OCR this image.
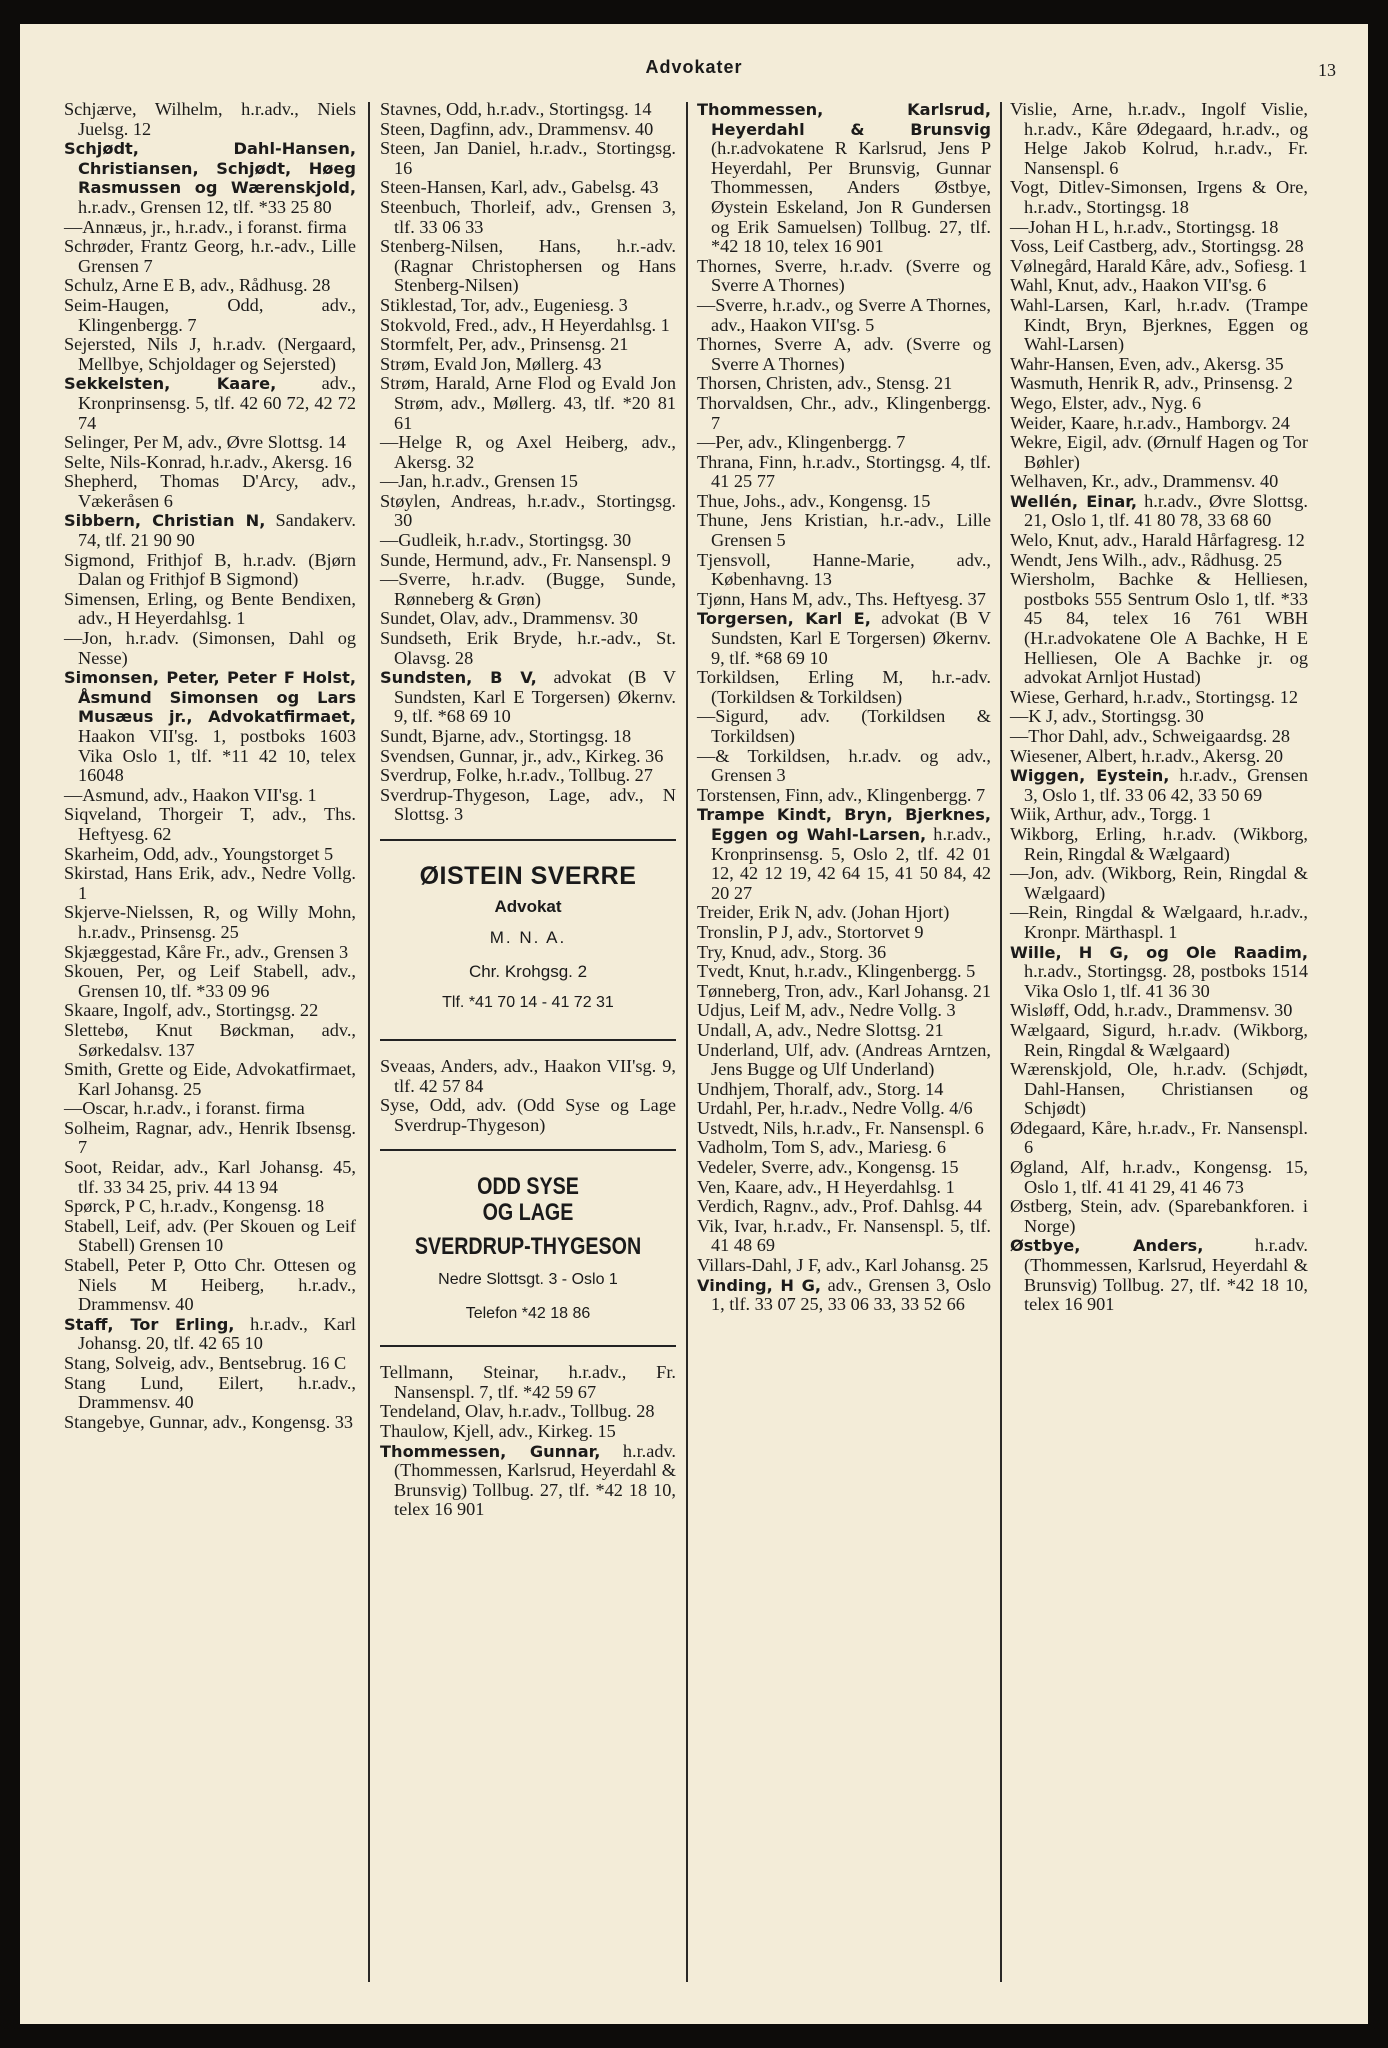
Advokater	13
Schjærve, Wilhelm, h.r.adv., Niels Juelsg. 12
Schjødt, Dahl-Hansen, Christiansen, Schjødt, Høeg Rasmussen og Wærenskjold, h.r.adv., Grensen 12, tlf. *33 25 80
—Annæus, jr., h.r.adv., i foranst. firma
Schrøder, Frantz Georg, h.r.-adv., Lille Grensen 7
Schulz, Arne E B, adv., Rådhusg. 28
Seim-Haugen, Odd, adv., Klingenbergg. 7
Sejersted, Nils J, h.r.adv. (Nergaard, Mellbye, Schjoldager og Sejersted)
Sekkelsten, Kaare, adv., Kronprinsensg. 5, tlf. 42 60 72, 42 72 74
Selinger, Per M, adv., Øvre Slottsg. 14
Selte, Nils-Konrad, h.r.adv., Akersg. 16
Shepherd, Thomas D'Arcy, adv., Vækeråsen 6
Sibbern, Christian N, Sandakerv. 74, tlf. 21 90 90
Sigmond, Frithjof B, h.r.adv. (Bjørn Dalan og Frithjof B Sigmond)
Simensen, Erling, og Bente Bendixen, adv., H Heyerdahlsg. 1
—Jon, h.r.adv. (Simonsen, Dahl og Nesse)
Simonsen, Peter, Peter F Holst, Åsmund Simonsen og Lars Musæus jr., Advokatfirmaet, Haakon VII'sg. 1, postboks 1603 Vika Oslo 1, tlf. *11 42 10, telex 16048
—Asmund, adv., Haakon VII'sg. 1
Siqveland, Thorgeir T, adv., Ths. Heftyesg. 62
Skarheim, Odd, adv., Youngstorget 5
Skirstad, Hans Erik, adv., Nedre Vollg. 1
Skjerve-Nielssen, R, og Willy Mohn, h.r.adv., Prinsensg. 25
Skjæggestad, Kåre Fr., adv., Grensen 3
Skouen, Per, og Leif Stabell, adv., Grensen 10, tlf. *33 09 96
Skaare, Ingolf, adv., Stortingsg. 22
Slettebø, Knut Bøckman, adv., Sørkedalsv. 137
Smith, Grette og Eide, Advokatfirmaet, Karl Johansg. 25
—Oscar, h.r.adv., i foranst. firma
Solheim, Ragnar, adv., Henrik Ibsensg. 7
Soot, Reidar, adv., Karl Johansg. 45, tlf. 33 34 25, priv. 44 13 94
Spørck, P C, h.r.adv., Kongensg. 18
Stabell, Leif, adv. (Per Skouen og Leif Stabell) Grensen 10
Stabell, Peter P, Otto Chr. Ottesen og Niels M Heiberg, h.r.adv., Drammensv. 40
Staff, Tor Erling, h.r.adv., Karl Johansg. 20, tlf. 42 65 10
Stang, Solveig, adv., Bentsebrug. 16 C
Stang Lund, Eilert, h.r.adv., Drammensv. 40
Stangebye, Gunnar, adv., Kongensg. 33
Stavnes, Odd, h.r.adv., Stortingsg. 14
Steen, Dagfinn, adv., Drammensv. 40
Steen, Jan Daniel, h.r.adv., Stortingsg. 16
Steen-Hansen, Karl, adv., Gabelsg. 43
Steenbuch, Thorleif, adv., Grensen 3, tlf. 33 06 33
Stenberg-Nilsen, Hans, h.r.-adv. (Ragnar Christophersen og Hans Stenberg-Nilsen)
Stiklestad, Tor, adv., Eugeniesg. 3
Stokvold, Fred., adv., H Heyerdahlsg. 1
Stormfelt, Per, adv., Prinsensg. 21
Strøm, Evald Jon, Møllerg. 43
Strøm, Harald, Arne Flod og Evald Jon Strøm, adv., Møllerg. 43, tlf. *20 81 61
—Helge R, og Axel Heiberg, adv., Akersg. 32
—Jan, h.r.adv., Grensen 15
Støylen, Andreas, h.r.adv., Stortingsg. 30
—Gudleik, h.r.adv., Stortingsg. 30
Sunde, Hermund, adv., Fr. Nansenspl. 9
—Sverre, h.r.adv. (Bugge, Sunde, Rønneberg & Grøn)
Sundet, Olav, adv., Drammensv. 30
Sundseth, Erik Bryde, h.r.-adv., St. Olavsg. 28
Sundsten, B V, advokat (B V Sundsten, Karl E Torgersen) Økernv. 9, tlf. *68 69 10
Sundt, Bjarne, adv., Stortingsg. 18
Svendsen, Gunnar, jr., adv., Kirkeg. 36
Sverdrup, Folke, h.r.adv., Tollbug. 27
Sverdrup-Thygeson, Lage, adv., N Slottsg. 3
ØISTEIN SVERRE
Advokat
M. N. A.
Chr. Krohgsg. 2
Tlf. *41 70 14 - 41 72 31
Sveaas, Anders, adv., Haakon VII'sg. 9, tlf. 42 57 84
Syse, Odd, adv. (Odd Syse og Lage Sverdrup-Thygeson)
ODD SYSE
OG LAGE
SVERDRUP-THYGESON
Nedre Slottsgt. 3 - Oslo 1
Telefon *42 18 86
Tellmann, Steinar, h.r.adv., Fr. Nansenspl. 7, tlf. *42 59 67
Tendeland, Olav, h.r.adv., Tollbug. 28
Thaulow, Kjell, adv., Kirkeg. 15
Thommessen, Gunnar, h.r.adv. (Thommessen, Karlsrud, Heyerdahl & Brunsvig) Tollbug. 27, tlf. *42 18 10, telex 16 901
Thommessen, Karlsrud, Heyerdahl & Brunsvig (h.r.advokatene R Karlsrud, Jens P Heyerdahl, Per Brunsvig, Gunnar Thommessen, Anders Østbye, Øystein Eskeland, Jon R Gundersen og Erik Samuelsen) Tollbug. 27, tlf. *42 18 10, telex 16 901
Thornes, Sverre, h.r.adv. (Sverre og Sverre A Thornes)
—Sverre, h.r.adv., og Sverre A Thornes, adv., Haakon VII'sg. 5
Thornes, Sverre A, adv. (Sverre og Sverre A Thornes)
Thorsen, Christen, adv., Stensg. 21
Thorvaldsen, Chr., adv., Klingenbergg. 7
—Per, adv., Klingenbergg. 7
Thrana, Finn, h.r.adv., Stortingsg. 4, tlf. 41 25 77
Thue, Johs., adv., Kongensg. 15
Thune, Jens Kristian, h.r.-adv., Lille Grensen 5
Tjensvoll, Hanne-Marie, adv., Københavng. 13
Tjønn, Hans M, adv., Ths. Heftyesg. 37
Torgersen, Karl E, advokat (B V Sundsten, Karl E Torgersen) Økernv. 9, tlf. *68 69 10
Torkildsen, Erling M, h.r.-adv. (Torkildsen & Torkildsen)
—Sigurd, adv. (Torkildsen & Torkildsen)
—& Torkildsen, h.r.adv. og adv., Grensen 3
Torstensen, Finn, adv., Klingenbergg. 7
Trampe Kindt, Bryn, Bjerknes, Eggen og Wahl-Larsen, h.r.adv., Kronprinsensg. 5, Oslo 2, tlf. 42 01 12, 42 12 19, 42 64 15, 41 50 84, 42 20 27
Treider, Erik N, adv. (Johan Hjort)
Tronslin, P J, adv., Stortorvet 9
Try, Knud, adv., Storg. 36
Tvedt, Knut, h.r.adv., Klingenbergg. 5
Tønneberg, Tron, adv., Karl Johansg. 21
Udjus, Leif M, adv., Nedre Vollg. 3
Undall, A, adv., Nedre Slottsg. 21
Underland, Ulf, adv. (Andreas Arntzen, Jens Bugge og Ulf Underland)
Undhjem, Thoralf, adv., Storg. 14
Urdahl, Per, h.r.adv., Nedre Vollg. 4/6
Ustvedt, Nils, h.r.adv., Fr. Nansenspl. 6
Vadholm, Tom S, adv., Mariesg. 6
Vedeler, Sverre, adv., Kongensg. 15
Ven, Kaare, adv., H Heyerdahlsg. 1
Verdich, Ragnv., adv., Prof. Dahlsg. 44
Vik, Ivar, h.r.adv., Fr. Nansenspl. 5, tlf. 41 48 69
Villars-Dahl, J F, adv., Karl Johansg. 25
Vinding, H G, adv., Grensen 3, Oslo 1, tlf. 33 07 25, 33 06 33, 33 52 66
Vislie, Arne, h.r.adv., Ingolf Vislie, h.r.adv., Kåre Ødegaard, h.r.adv., og Helge Jakob Kolrud, h.r.adv., Fr. Nansenspl. 6
Vogt, Ditlev-Simonsen, Irgens & Ore, h.r.adv., Stortingsg. 18
—Johan H L, h.r.adv., Stortingsg. 18
Voss, Leif Castberg, adv., Stortingsg. 28
Vølnegård, Harald Kåre, adv., Sofiesg. 1
Wahl, Knut, adv., Haakon VII'sg. 6
Wahl-Larsen, Karl, h.r.adv. (Trampe Kindt, Bryn, Bjerknes, Eggen og Wahl-Larsen)
Wahr-Hansen, Even, adv., Akersg. 35
Wasmuth, Henrik R, adv., Prinsensg. 2
Wego, Elster, adv., Nyg. 6
Weider, Kaare, h.r.adv., Hamborgv. 24
Wekre, Eigil, adv. (Ørnulf Hagen og Tor Bøhler)
Welhaven, Kr., adv., Drammensv. 40
Wellén, Einar, h.r.adv., Øvre Slottsg. 21, Oslo 1, tlf. 41 80 78, 33 68 60
Welo, Knut, adv., Harald Hårfagresg. 12
Wendt, Jens Wilh., adv., Rådhusg. 25
Wiersholm, Bachke & Helliesen, postboks 555 Sentrum Oslo 1, tlf. *33 45 84, telex 16 761 WBH (H.r.advokatene Ole A Bachke, H E Helliesen, Ole A Bachke jr. og advokat Arnljot Hustad)
Wiese, Gerhard, h.r.adv., Stortingsg. 12
—K J, adv., Stortingsg. 30
—Thor Dahl, adv., Schweigaardsg. 28
Wiesener, Albert, h.r.adv., Akersg. 20
Wiggen, Eystein, h.r.adv., Grensen 3, Oslo 1, tlf. 33 06 42, 33 50 69
Wiik, Arthur, adv., Torgg. 1
Wikborg, Erling, h.r.adv. (Wikborg, Rein, Ringdal & Wælgaard)
—Jon, adv. (Wikborg, Rein, Ringdal & Wælgaard)
—Rein, Ringdal & Wælgaard, h.r.adv., Kronpr. Märthaspl. 1
Wille, H G, og Ole Raadim, h.r.adv., Stortingsg. 28, postboks 1514 Vika Oslo 1, tlf. 41 36 30
Wisløff, Odd, h.r.adv., Drammensv. 30
Wælgaard, Sigurd, h.r.adv. (Wikborg, Rein, Ringdal & Wælgaard)
Wærenskjold, Ole, h.r.adv. (Schjødt, Dahl-Hansen, Christiansen og Schjødt)
Ødegaard, Kåre, h.r.adv., Fr. Nansenspl. 6
Øgland, Alf, h.r.adv., Kongensg. 15, Oslo 1, tlf. 41 41 29, 41 46 73
Østberg, Stein, adv. (Sparebankforen. i Norge)
Østbye, Anders,	h.r.adv. (Thommessen, Karlsrud, Heyerdahl & Brunsvig) Tollbug. 27, tlf. *42 18 10, telex 16 901
